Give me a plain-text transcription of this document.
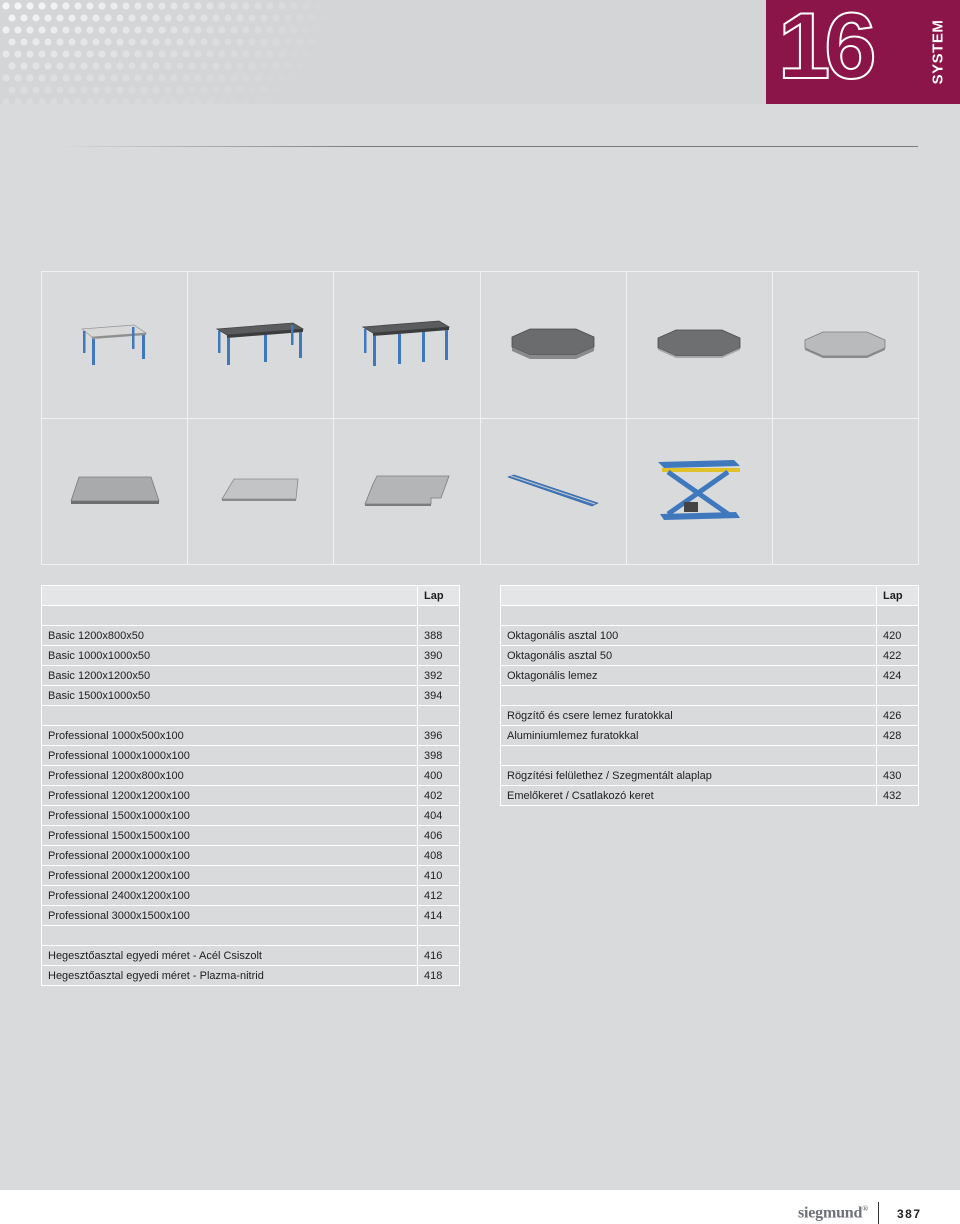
16	SYSTEM
	Lap

Basic 1200x800x50	388
Basic 1000x1000x50	390
Basic 1200x1200x50	392
Basic 1500x1000x50	394

Professional 1000x500x100	396
Professional 1000x1000x100	398
Professional 1200x800x100	400
Professional 1200x1200x100	402
Professional 1500x1000x100	404
Professional 1500x1500x100	406
Professional 2000x1000x100	408
Professional 2000x1200x100	410
Professional 2400x1200x100	412
Professional 3000x1500x100	414

Hegesztőasztal egyedi méret - Acél Csiszolt	416
Hegesztőasztal egyedi méret - Plazma-nitrid	418
	Lap

Oktagonális asztal 100	420
Oktagonális asztal 50	422
Oktagonális lemez	424

Rögzítő és csere lemez furatokkal	426
Aluminiumlemez furatokkal	428

Rögzítési felülethez / Szegmentált alaplap	430
Emelőkeret / Csatlakozó keret	432
siegmund® 387
